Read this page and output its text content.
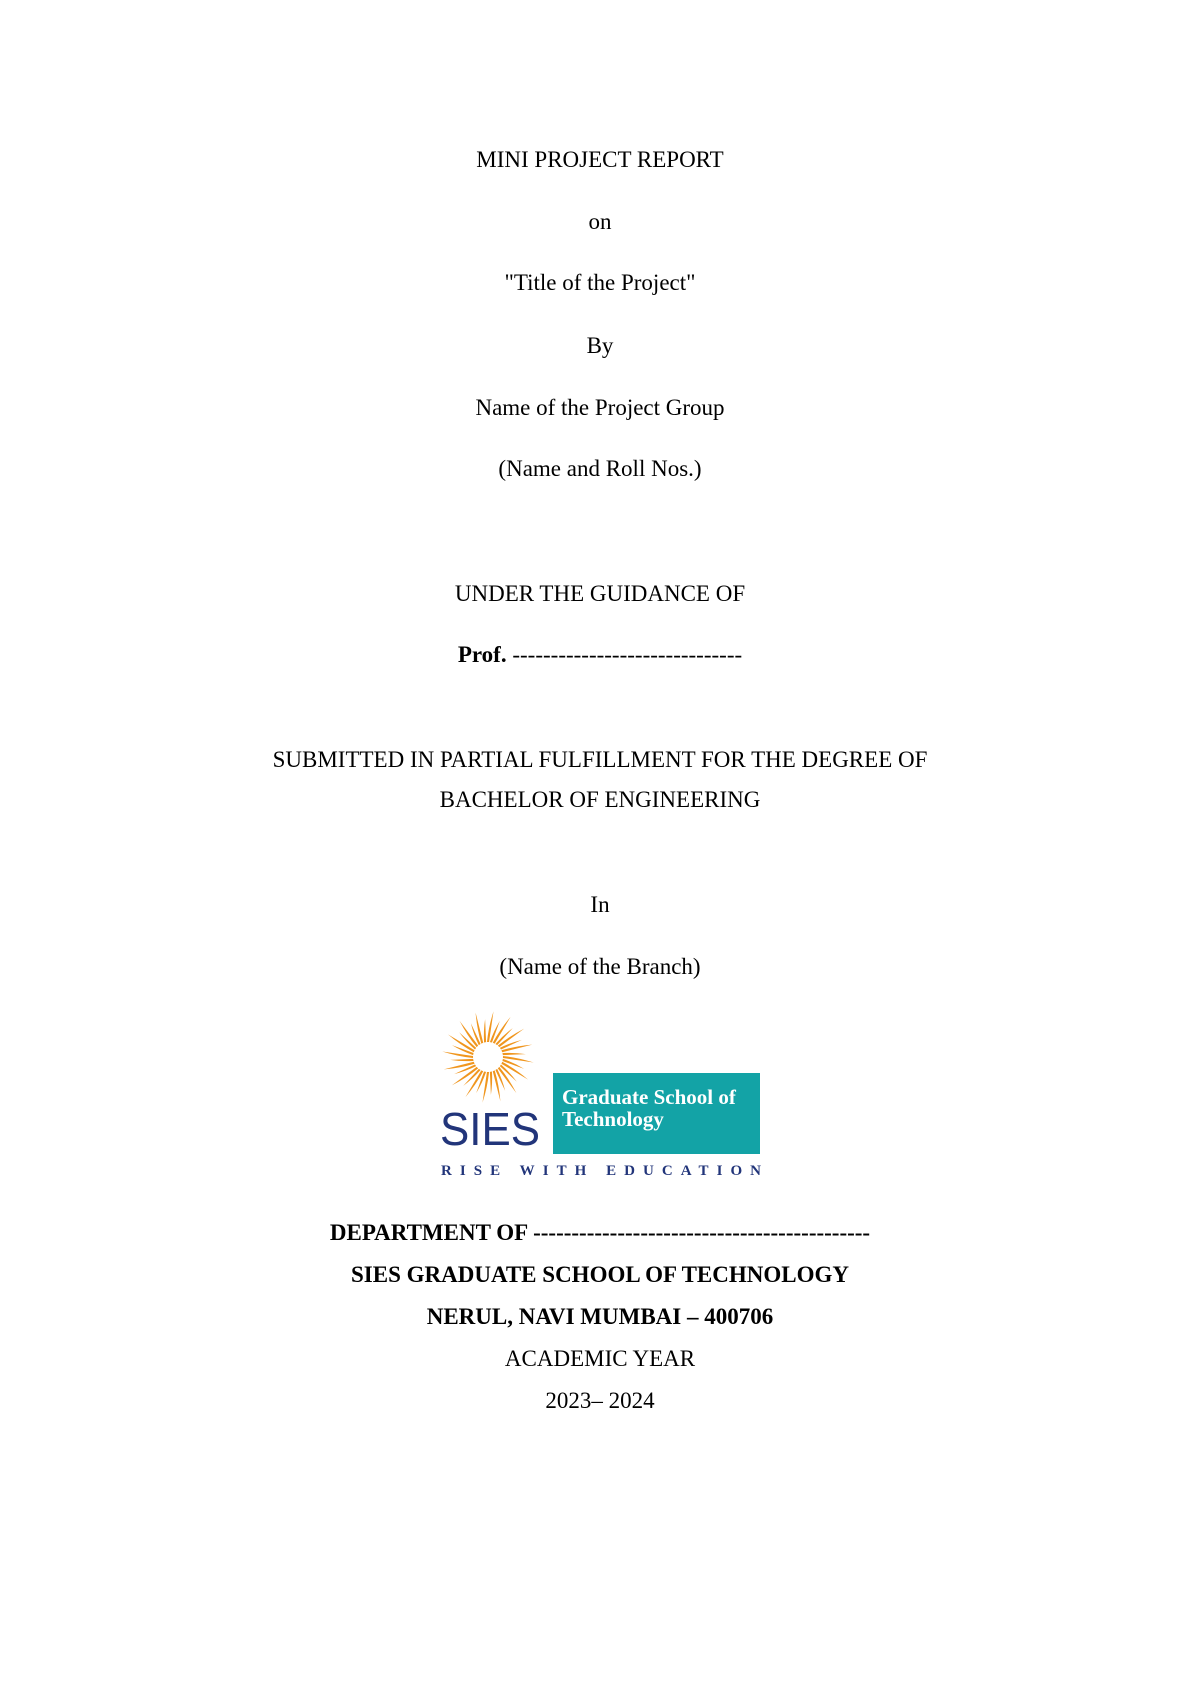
MINI PROJECT REPORT
on
"Title of the Project"
By
Name of the Project Group
(Name and Roll Nos.)
UNDER THE GUIDANCE OF
Prof. ------------------------------
SUBMITTED IN PARTIAL FULFILLMENT FOR THE DEGREE OF
BACHELOR OF ENGINEERING
In
(Name of the Branch)
SIES
Graduate School of
Technology
RISE WITH EDUCATION
DEPARTMENT OF --------------------------------------------
SIES GRADUATE SCHOOL OF TECHNOLOGY
NERUL, NAVI MUMBAI – 400706
ACADEMIC YEAR
2023– 2024
